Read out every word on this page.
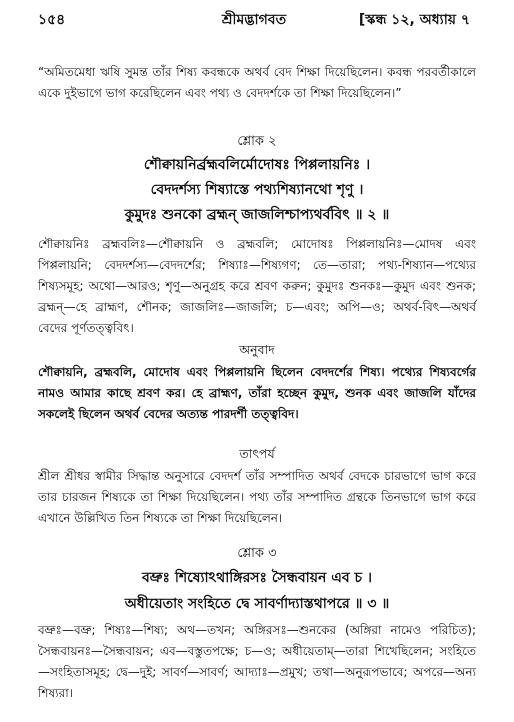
১৫৪	শ্রীমদ্ভাগবত	[স্কন্ধ ১২, অধ্যায় ৭

“অমিতমেধা ঋষি সুমন্ত তাঁর শিষ্য কবন্ধকে অথর্ব বেদ শিক্ষা দিয়েছিলেন। কবন্ধ পরবর্তীকালে একে দুইভাগে ভাগ করেছিলেন এবং পথ্য ও বেদদর্শকে তা শিক্ষা দিয়েছিলেন।”

শ্লোক ২
শৌক্বায়নির্ব্রহ্মবলির্মোদোষঃ পিপ্পলায়নিঃ ।
বেদদর্শস্য শিষ্যাস্তে পথ্যশিষ্যানথো শৃণু ।
কুমুদঃ শুনকো ব্রহ্মন্ জাজলিশ্চাপ্যথর্ববিৎ ॥ ২ ॥

শৌক্বায়নিঃ ব্রহ্মবলিঃ—শৌক্বায়নি ও ব্রহ্মবলি; মোদোষঃ পিপ্পলায়নিঃ—মোদষ এবং পিপ্পলায়নি; বেদদর্শস্য—বেদদর্শের; শিষ্যাঃ—শিষ্যগণ; তে—তারা; পথ্য-শিষ্যান—পথ্যের শিষ্যসমূহ; অথো—আরও; শৃণু—অনুগ্রহ করে শ্রবণ করুন; কুমুদঃ শুনকঃ—কুমুদ এবং শুনক; ব্রহ্মন্—হে ব্রাহ্মণ, শৌনক; জাজলিঃ—জাজলি; চ—এবং; অপি—ও; অথর্ব-বিৎ—অথর্ব বেদের পূর্ণতত্ত্ববিৎ।

অনুবাদ

শৌক্বায়নি, ব্রহ্মবলি, মোদোষ এবং পিপ্পলায়নি ছিলেন বেদদর্শের শিষ্য। পথ্যের শিষ্যবর্গের নামও আমার কাছে শ্রবণ কর। হে ব্রাহ্মণ, তাঁরা হচ্ছেন কুমুদ, শুনক এবং জাজলি যাঁদের সকলেই ছিলেন অথর্ব বেদের অত্যন্ত পারদর্শী তত্ত্ববিদ।

তাৎপর্য

শ্রীল শ্রীধর স্বামীর সিদ্ধান্ত অনুসারে বেদদর্শ তাঁর সম্পাদিত অথর্ব বেদকে চারভাগে ভাগ করে তার চারজন শিষ্যকে তা শিক্ষা দিয়েছিলেন। পথ্য তাঁর সম্পাদিত গ্রন্থকে তিনভাগে ভাগ করে এখানে উল্লিখিত তিন শিষ্যকে তা শিক্ষা দিয়েছিলেন।

শ্লোক ৩
বভ্রুঃ শিষ্যোঽথাঙ্গিরসঃ সৈন্ধবায়ন এব চ ।
অধীয়েতাং সংহিতে দ্বে সাবর্ণাদ্যাস্তথাপরে ॥ ৩ ॥

বভ্রুঃ—বভ্রু; শিষ্যঃ—শিষ্য; অথ—তখন; অঙ্গিরসঃ—শুনকের (অঙ্গিরা নামেও পরিচিত); সৈন্ধবায়নঃ—সৈন্ধবায়ন; এব—বস্তুতপক্ষে; চ—ও; অধীয়েতাম্—তারা শিখেছিলেন; সংহিতে—সংহিতাসমূহ; দ্বে—দুই; সাবর্ণ—সাবর্ণ; আদ্যাঃ—প্রমুখ; তথা—অনুরূপভাবে; অপরে—অন্য শিষ্যরা।
